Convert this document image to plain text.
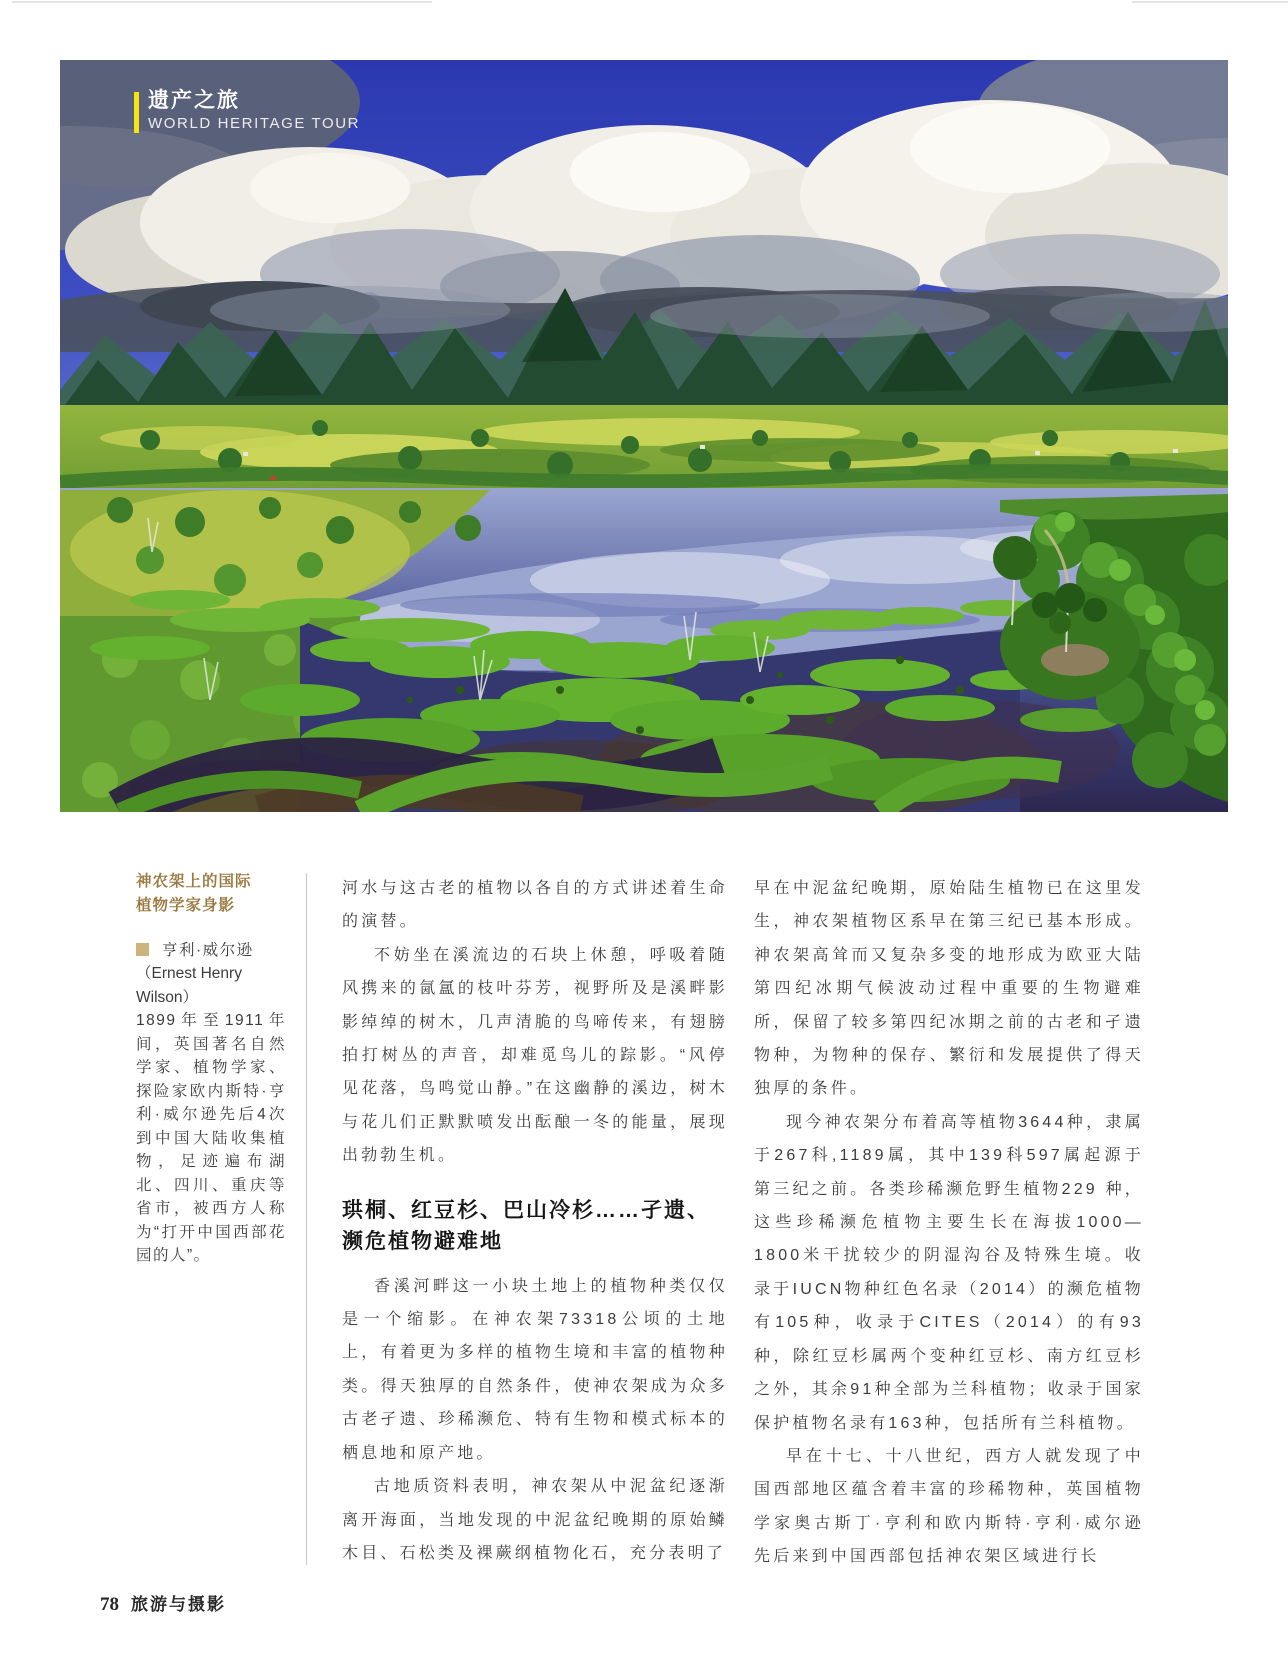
遗产之旅
WORLD HERITAGE TOUR
神农架上的国际
植物学家身影
亨利·威尔逊
（Ernest Henry Wilson）
1899年至1911年间，英国著名自然学家、植物学家、探险家欧内斯特·亨利·威尔逊先后4次到中国大陆收集植物，足迹遍布湖北、四川、重庆等省市，被西方人称为“打开中国西部花园的人”。

河水与这古老的植物以各自的方式讲述着生命的演替。

不妨坐在溪流边的石块上休憩，呼吸着随风携来的氤氲的枝叶芬芳，视野所及是溪畔影影绰绰的树木，几声清脆的鸟啼传来，有翅膀拍打树丛的声音，却难觅鸟儿的踪影。“风停见花落，鸟鸣觉山静。”在这幽静的溪边，树木与花儿们正默默喷发出酝酿一冬的能量，展现出勃勃生机。

珙桐、红豆杉、巴山冷杉……孑遗、濒危植物避难地

香溪河畔这一小块土地上的植物种类仅仅是一个缩影。在神农架73318公顷的土地上，有着更为多样的植物生境和丰富的植物种类。得天独厚的自然条件，使神农架成为众多古老孑遗、珍稀濒危、特有生物和模式标本的栖息地和原产地。

古地质资料表明，神农架从中泥盆纪逐渐离开海面，当地发现的中泥盆纪晚期的原始鳞木目、石松类及裸蕨纲植物化石，充分表明了

早在中泥盆纪晚期，原始陆生植物已在这里发生，神农架植物区系早在第三纪已基本形成。神农架高耸而又复杂多变的地形成为欧亚大陆第四纪冰期气候波动过程中重要的生物避难所，保留了较多第四纪冰期之前的古老和孑遗物种，为物种的保存、繁衍和发展提供了得天独厚的条件。

现今神农架分布着高等植物3644种，隶属于267科,1189属，其中139科597属起源于第三纪之前。各类珍稀濒危野生植物229 种，这些珍稀濒危植物主要生长在海拔1000—1800米干扰较少的阴湿沟谷及特殊生境。收录于IUCN物种红色名录（2014）的濒危植物有105种，收录于CITES（2014）的有93种，除红豆杉属两个变种红豆杉、南方红豆杉之外，其余91种全部为兰科植物；收录于国家保护植物名录有163种，包括所有兰科植物。

早在十七、十八世纪，西方人就发现了中国西部地区蕴含着丰富的珍稀物种，英国植物学家奥古斯丁·亨利和欧内斯特·亨利·威尔逊先后来到中国西部包括神农架区域进行长

78 旅游与摄影
